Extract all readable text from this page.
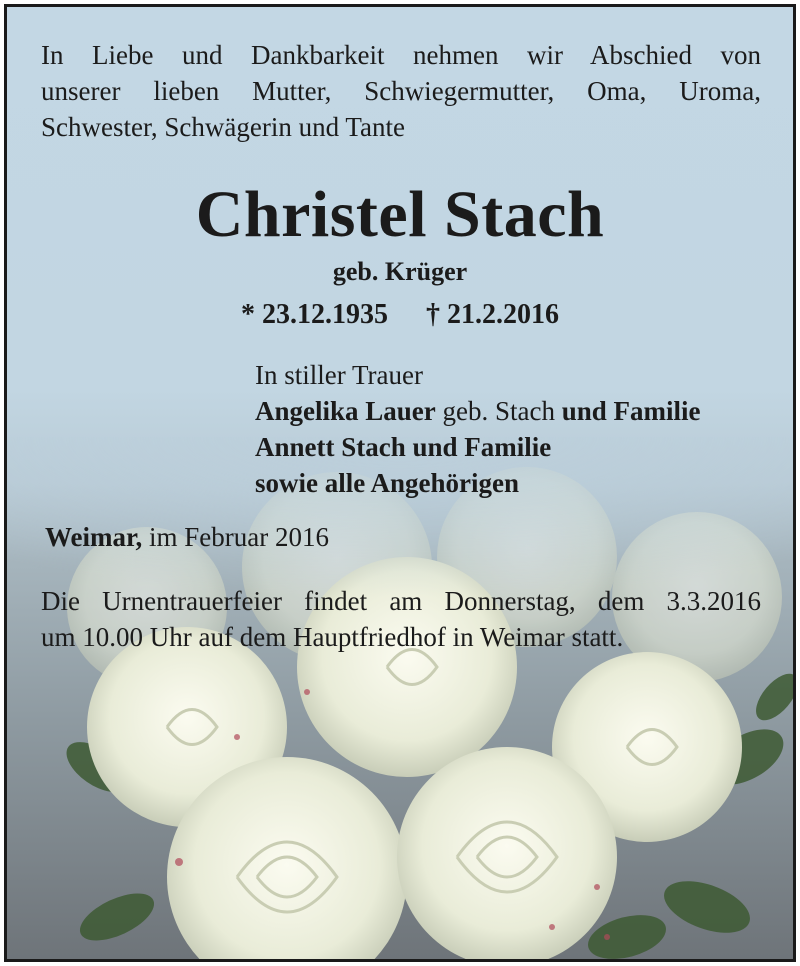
In Liebe und Dankbarkeit nehmen wir Abschied von
unserer lieben Mutter, Schwiegermutter, Oma, Uroma,
Schwester, Schwägerin und Tante
Christel Stach
geb. Krüger
* 23.12.1935 † 21.2.2016
In stiller Trauer
Angelika Lauer geb. Stach und Familie
Annett Stach und Familie
sowie alle Angehörigen
Weimar, im Februar 2016
Die Urnentrauerfeier findet am Donnerstag, dem 3.3.2016
um 10.00 Uhr auf dem Hauptfriedhof in Weimar statt.
